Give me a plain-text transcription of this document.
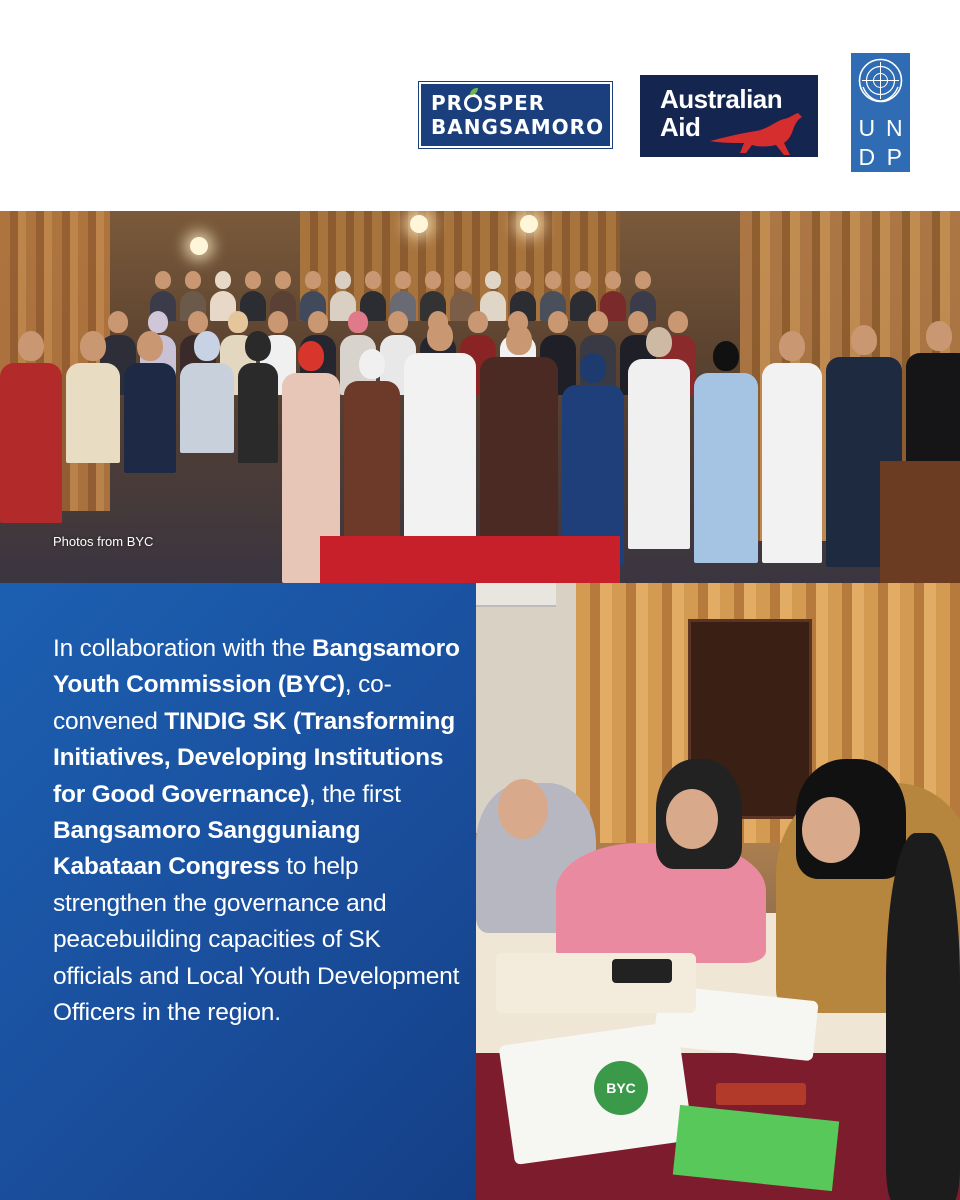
PR SPER
BANGSAMORO
Australian
Aid	U N
D P
Photos from BYC

In collaboration with the Bangsamoro Youth Commission (BYC), co-convened TINDIG SK (Transforming Initiatives, Developing Institutions for Good Governance), the first Bangsamoro Sangguniang Kabataan Congress to help strengthen the governance and peacebuilding capacities of SK officials and Local Youth Development Officers in the region.

BYC
